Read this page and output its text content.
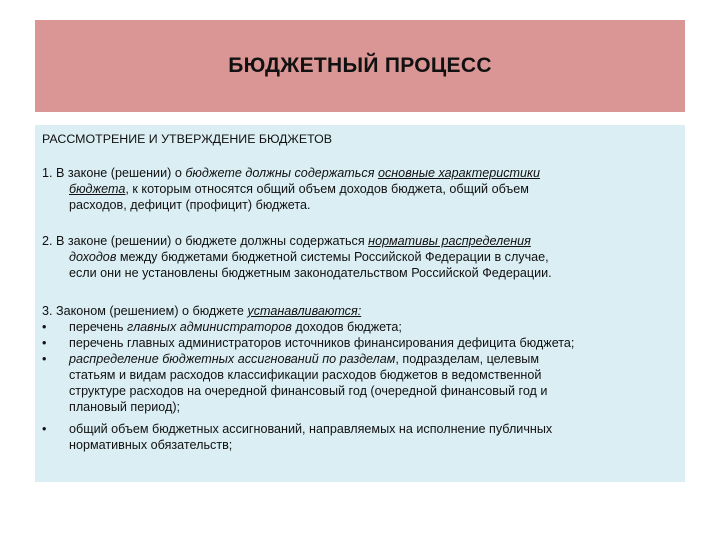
БЮДЖЕТНЫЙ ПРОЦЕСС
РАССМОТРЕНИЕ И УТВЕРЖДЕНИЕ БЮДЖЕТОВ
1. В законе (решении) о бюджете должны содержаться основные характеристики
бюджета, к которым относятся общий объем доходов бюджета, общий объем
расходов, дефицит (профицит) бюджета.
2. В законе (решении) о бюджете должны содержаться нормативы распределения
доходов между бюджетами бюджетной системы Российской Федерации в случае,
если они не установлены бюджетным законодательством Российской Федерации.
3. Законом (решением) о бюджете устанавливаются:
•	перечень главных администраторов доходов бюджета;
•	перечень главных администраторов источников финансирования дефицита бюджета;
•	распределение бюджетных ассигнований по разделам, подразделам, целевым
статьям и видам расходов классификации расходов бюджетов в ведомственной
структуре расходов на очередной финансовый год (очередной финансовый год и
плановый период);
•	общий объем бюджетных ассигнований, направляемых на исполнение публичных
нормативных обязательств;
